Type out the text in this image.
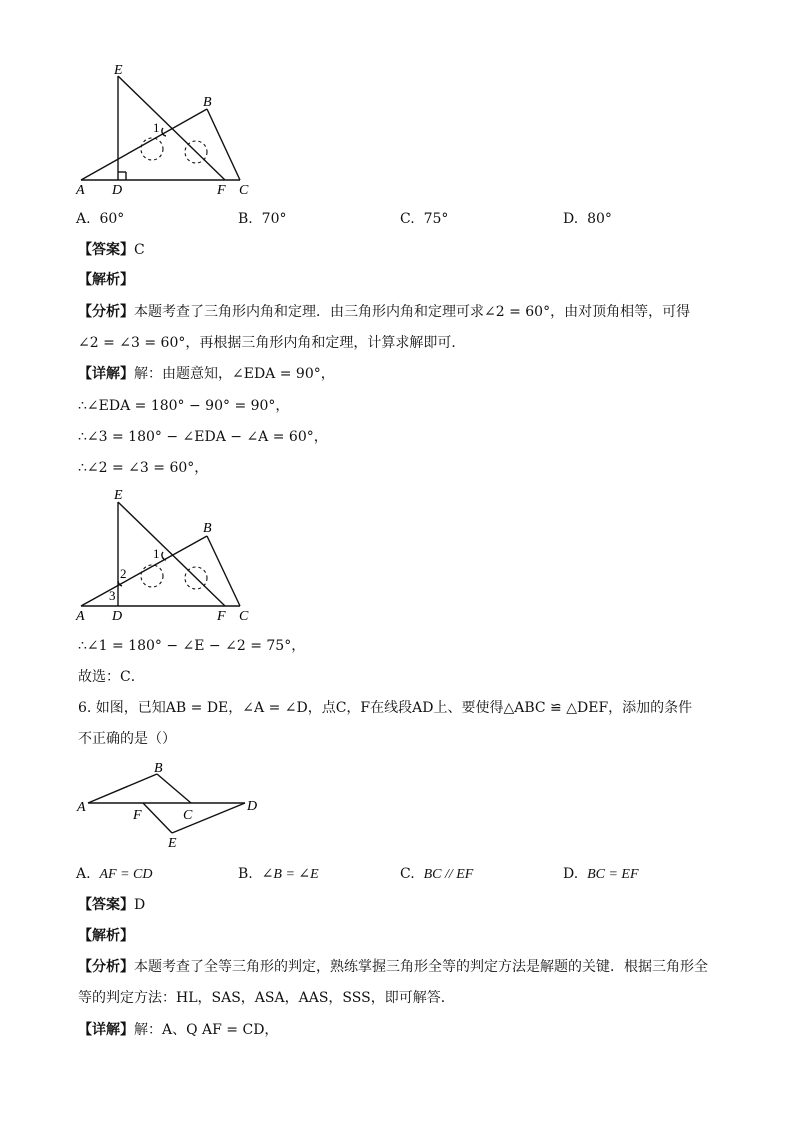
E
B
A D	F C
1
A. 60°	B. 70°	C. 75°	D. 80°
【答案】C
【解析】
【分析】本题考查了三角形内角和定理．由三角形内角和定理可求∠2 = 60°，由对顶角相等，可得
∠2 = ∠3 = 60°，再根据三角形内角和定理，计算求解即可．
【详解】解：由题意知，∠EDA = 90°，
∴∠EDA = 180° − 90° = 90°，
∴∠3 = 180° − ∠EDA − ∠A = 60°，
∴∠2 = ∠3 = 60°，
E
B
A D	F C
1
2
3
∴∠1 = 180° − ∠E − ∠2 = 75°，
故选：C．
6. 如图，已知AB = DE，∠A = ∠D，点C，F在线段AD上、要使得△ABC ≌ △DEF，添加的条件
不正确的是（）
A
B
F	C
D
E
A. AF = CD	B. ∠B = ∠E	C. BC // EF	D. BC = EF
【答案】D
【解析】
【分析】本题考查了全等三角形的判定，熟练掌握三角形全等的判定方法是解题的关键．根据三角形全
等的判定方法：HL，SAS，ASA，AAS，SSS，即可解答．
【详解】解：A、Q AF = CD，
